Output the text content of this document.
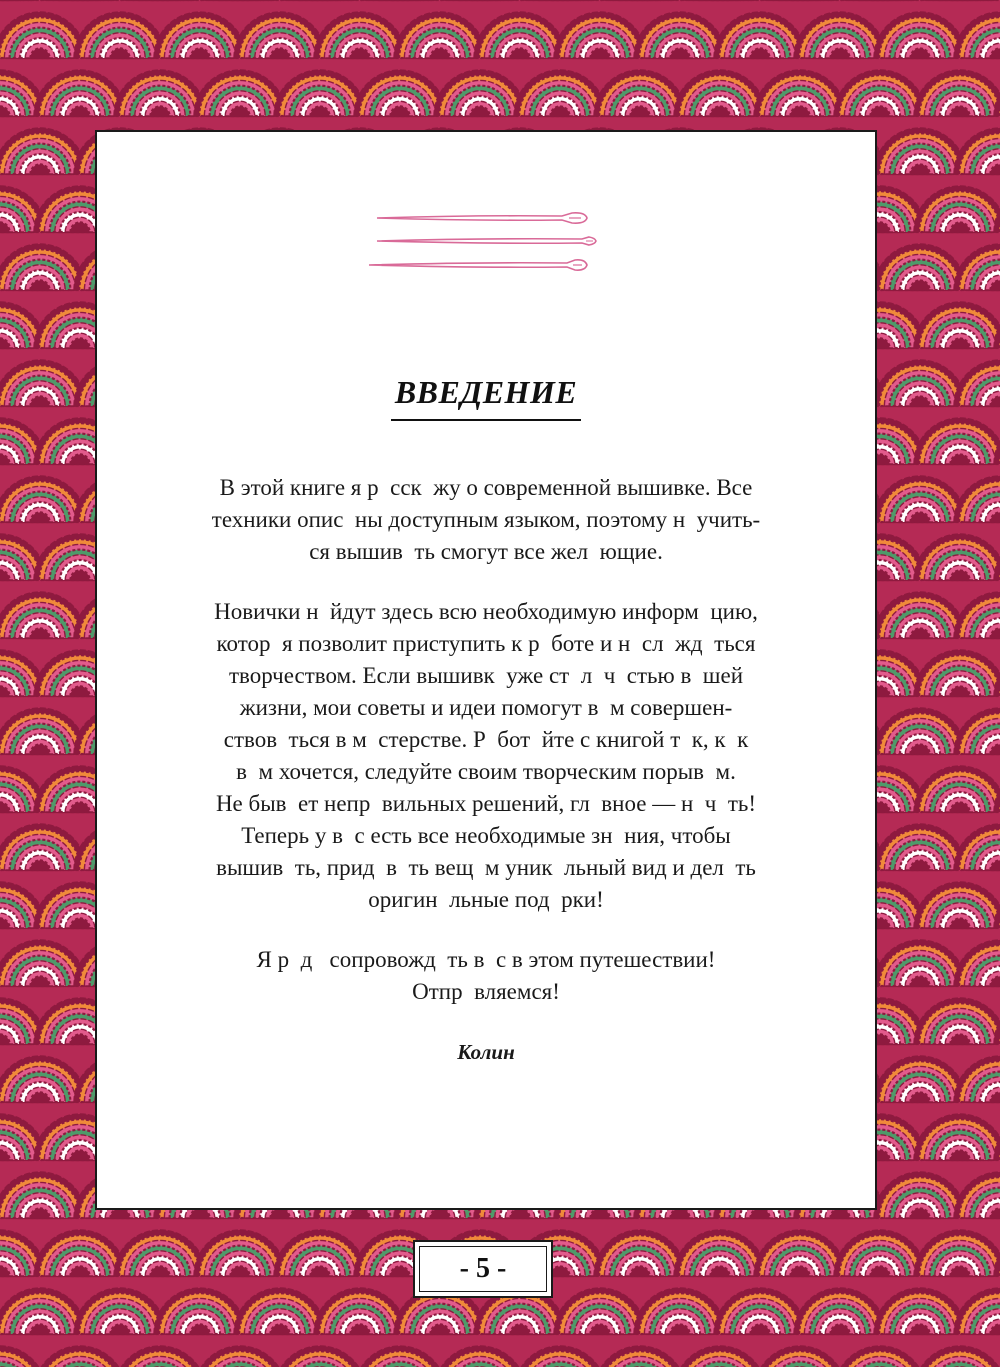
ВВЕДЕНИЕ

В этой книге я р  сск  жу о современной вышивке. Все
техники опис  ны доступным языком, поэтому н  учить-
ся вышив  ть смогут все жел  ющие.

Новички н  йдут здесь всю необходимую информ  цию,
котор  я позволит приступить к р  боте и н  сл  жд  ться
творчеством. Если вышивк  уже ст  л  ч  стью в  шей
жизни, мои советы и идеи помогут в  м совершен-
ствов  ться в м  стерстве. Р  бот  йте с книгой т  к, к  к
в  м хочется, следуйте своим творческим порыв  м.
Не быв  ет непр  вильных решений, гл  вное — н  ч  ть!
Теперь у в  с есть все необходимые зн  ния, чтобы
вышив  ть, прид  в  ть вещ  м уник  льный вид и дел  ть
оригин  льные под  рки!

Я р  д   сопровожд  ть в  с в этом путешествии!
Отпр  вляемся!

Колин
- 5 -
